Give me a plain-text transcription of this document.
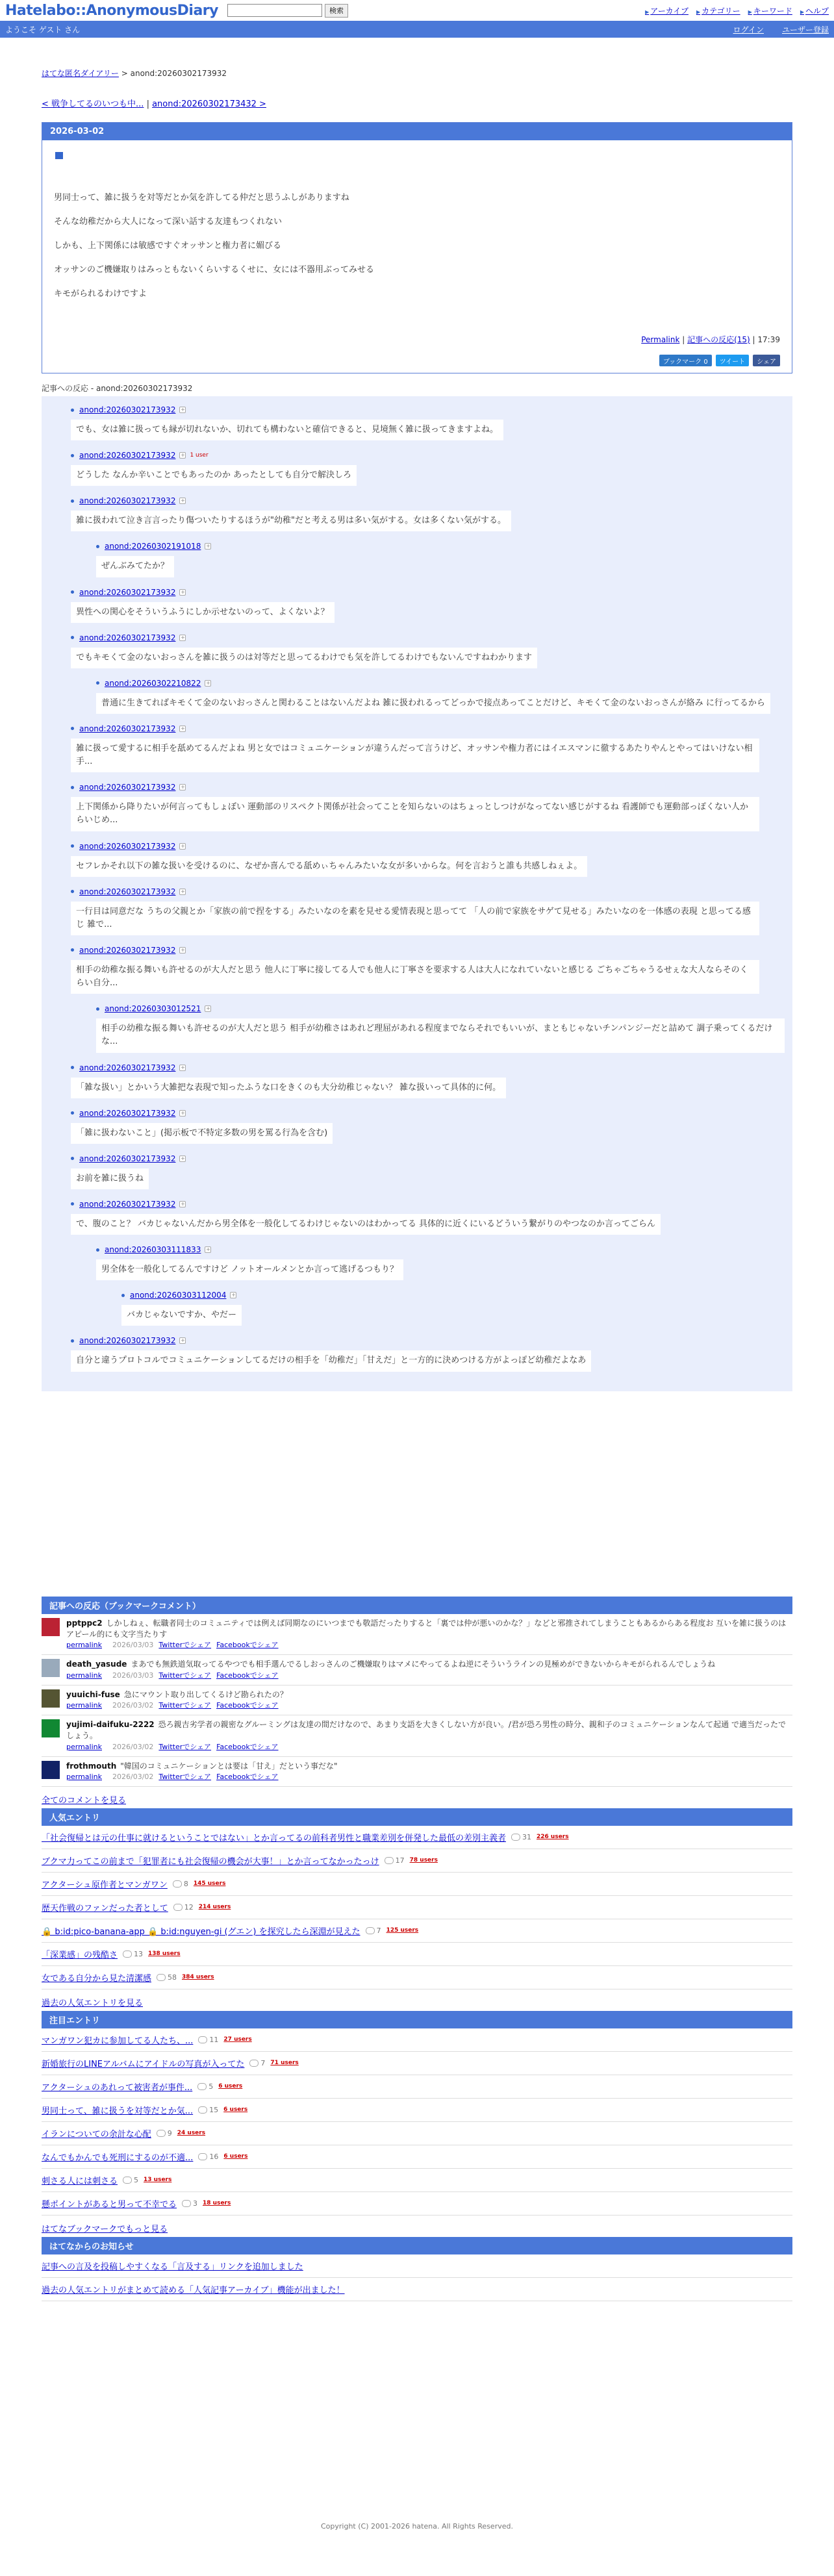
Hatelabo::AnonymousDiary	検索	▶ アーカイブ	▶ カテゴリー	▶ キーワード	▶ ヘルプ
ようこそ ゲスト さん	ログイン ユーザー登録
はてな匿名ダイアリー > anond:20260302173932
< 戦争してるのいつも中... | anond:20260302173432 >
2026-03-02

男同士って、雑に扱うを対等だとか気を許してる仲だと思うふしがありますね

そんな幼稚だから大人になって深い話する友達もつくれない

しかも、上下関係には敏感ですぐオッサンと権力者に媚びる

オッサンのご機嫌取りはみっともないくらいするくせに、女には不器用ぶってみせる

キモがられるわけですよ

Permalink | 記事への反応(15) | 17:39
ブックマーク 0	ツイート	シェア
記事への反応 - anond:20260302173932
anond:20260302173932 +
でも、女は雑に扱っても縁が切れないか、切れても構わないと確信できると、見境無く雑に扱ってきますよね。
anond:20260302173932 + 1 user
どうした なんか辛いことでもあったのか あったとしても自分で解決しろ
anond:20260302173932 +
雑に扱われて泣き言言ったり傷ついたりするほうが"幼稚"だと考える男は多い気がする。女は多くない気がする。
anond:20260302191018 +
ぜんぶみてたか？
anond:20260302173932 +
異性への関心をそういうふうにしか示せないのって、よくないよ？
anond:20260302173932 +
でもキモくて金のないおっさんを雑に扱うのは対等だと思ってるわけでも気を許してるわけでもないんですねわかります
anond:20260302210822 +
普通に生きてればキモくて金のないおっさんと関わることはないんだよね 雑に扱われるってどっかで接点あってことだけど、キモくて金のないおっさんが絡み に行ってるから
anond:20260302173932 +
雑に扱って愛するに相手を舐めてるんだよね 男と女ではコミュニケーションが違うんだって言うけど、オッサンや権力者にはイエスマンに徹するあたりやんとやってはいけない相手...
anond:20260302173932 +
上下関係から降りたいが何言ってもしょぼい 運動部のリスペクト関係が社会ってことを知らないのはちょっとしつけがなってない感じがするね 看護師でも運動部っぽくない人からいじめ...
anond:20260302173932 +
セフレかそれ以下の雑な扱いを受けるのに、なぜか喜んでる舐めぃちゃんみたいな女が多いからな。何を言おうと誰も共感しねぇよ。
anond:20260302173932 +
一行目は同意だな うちの父親とか「家族の前で捏をする」みたいなのを素を見せる愛情表現と思ってて 「人の前で家族をサゲて見せる」みたいなのを一体感の表現 と思ってる感じ 雑で...
anond:20260302173932 +
相手の幼稚な振る舞いも許せるのが大人だと思う 他人に丁寧に接してる人でも他人に丁寧さを要求する人は大人になれていないと感じる ごちゃごちゃうるせぇな大人ならそのくらい自分...
anond:20260303012521 +
相手の幼稚な振る舞いも許せるのが大人だと思う 相手が幼稚さはあれど理屈があれる程度までならそれでもいいが、まともじゃないチンパンジーだと詰めて 調子乗ってくるだけな...
anond:20260302173932 +
「雑な扱い」とかいう大雑把な表現で知ったふうな口をきくのも大分幼稚じゃない？ 雑な扱いって具体的に何。
anond:20260302173932 +
「雑に扱わないこと」(掲示板で不特定多数の男を罵る行為を含む)
anond:20260302173932 +
お前を雑に扱うね
anond:20260302173932 +
で、腹のこと？ バカじゃないんだから男全体を一般化してるわけじゃないのはわかってる 具体的に近くにいるどういう繋がりのやつなのか言ってごらん
anond:20260303111833 +
男全体を一般化してるんですけど ノットオールメンとか言って逃げるつもり？
anond:20260303112004 +
バカじゃないですか、やだー
anond:20260302173932 +
自分と違うプロトコルでコミュニケーションしてるだけの相手を「幼稚だ」「甘えだ」と一方的に決めつける方がよっぽど幼稚だよなあ
記事への反応（ブックマークコメント）
pptppc2 しかしねぇ、転職者同士のコミュニティでは例えば同期なのにいつまでも敬語だったりすると「裏では仲が悪いのかな？」などと邪推されてしまうこともあるからある程度お 互いを雑に扱うのはアピール的にも文字当たりす
permalink 2026/03/03 Twitterでシェア Facebookでシェア
death_yasude まあでも無鉄道気取ってるやつでも相手選んでるしおっさんのご機嫌取りはマメにやってるよね逆にそういうラインの見極めができないからキモがられるんでしょうね
permalink 2026/03/03 Twitterでシェア Facebookでシェア
yuuichi-fuse 急にマウント取り出してくるけど勘られたの？
permalink 2026/03/02 Twitterでシェア Facebookでシェア
yujimi-daifuku-2222 恐ろ親吉劣学者の親密なグルーミングは友達の間だけなので、あまり支語を大きくしない方が良い。/君が恐ろ男性の時分、親和子のコミュニケーションなんて起通 で適当だったでしょう。
permalink 2026/03/02 Twitterでシェア Facebookでシェア
frothmouth "韓国のコミュニケーションとは要は「甘え」だという事だな"
permalink 2026/03/02 Twitterでシェア Facebookでシェア
全てのコメントを見る
人気エントリ
「社会復帰とは元の仕事に就けるということではない」とか言ってるの前科者男性と職業差別を併発した最低の差別主義者	31 226 users
ブクマ力ってこの前まで「犯罪者にも社会復帰の機会が大事！」とか言ってなかったっけ	17 78 users
アクターシュ原作者とマンガワン	8 145 users
歴天作戦のファンだった者として	12 214 users
🔒 b:id:pico-banana-app 🔒 b:id:nguyen-gi (グエン) を探究したら深淵が見えた	7 125 users
「深業感」の残酷さ	13 138 users
女である自分から見た清潔感	58 384 users
過去の人気エントリを見る
注目エントリ
マンガワン犯カに参加してる人たち、...	11 27 users
新婚旅行のLINEアルバムにアイドルの写真が入ってた	7 71 users
アクターシュのあれって被害者が事件...	5 6 users
男同士って、雑に扱うを対等だとか気...	15 6 users
イランについての余計な心配	9 24 users
なんでもかんでも死刑にするのが不適...	16 6 users
刺さる人には刺さる	5 13 users
懸ポイントがあると男って不幸でる	3 18 users
はてなブックマークでもっと見る
はてなからのお知らせ
記事への言及を投稿しやすくなる「言及する」リンクを追加しました
過去の人気エントリがまとめて読める「人気記事アーカイブ」機能が出ました！
Copyright (C) 2001-2026 hatena. All Rights Reserved.
